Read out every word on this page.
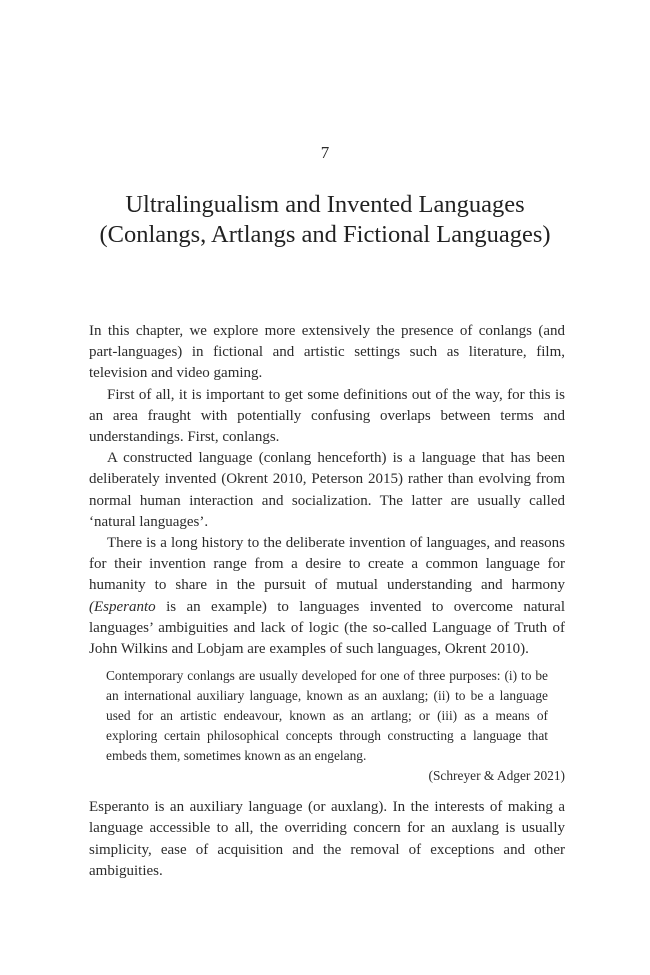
7
Ultralingualism and Invented Languages
(Conlangs, Artlangs and Fictional Languages)

In this chapter, we explore more extensively the presence of conlangs (and part-languages) in fictional and artistic settings such as literature, film, television and video gaming.

First of all, it is important to get some definitions out of the way, for this is an area fraught with potentially confusing overlaps between terms and understandings. First, conlangs.

A constructed language (conlang henceforth) is a language that has been deliberately invented (Okrent 2010, Peterson 2015) rather than evolving from normal human interaction and socialization. The latter are usually called ‘natural languages’.

There is a long history to the deliberate invention of languages, and reasons for their invention range from a desire to create a common language for humanity to share in the pursuit of mutual understanding and harmony (Esperanto is an example) to languages invented to overcome natural languages’ ambiguities and lack of logic (the so-called Language of Truth of John Wilkins and Lobjam are examples of such languages, Okrent 2010).

Contemporary conlangs are usually developed for one of three purposes: (i) to be an international auxiliary language, known as an auxlang; (ii) to be a language used for an artistic endeavour, known as an artlang; or (iii) as a means of exploring certain philosophical concepts through constructing a language that embeds them, sometimes known as an engelang.
(Schreyer & Adger 2021)

Esperanto is an auxiliary language (or auxlang). In the interests of making a language accessible to all, the overriding concern for an auxlang is usually simplicity, ease of acquisition and the removal of exceptions and other ambiguities.
